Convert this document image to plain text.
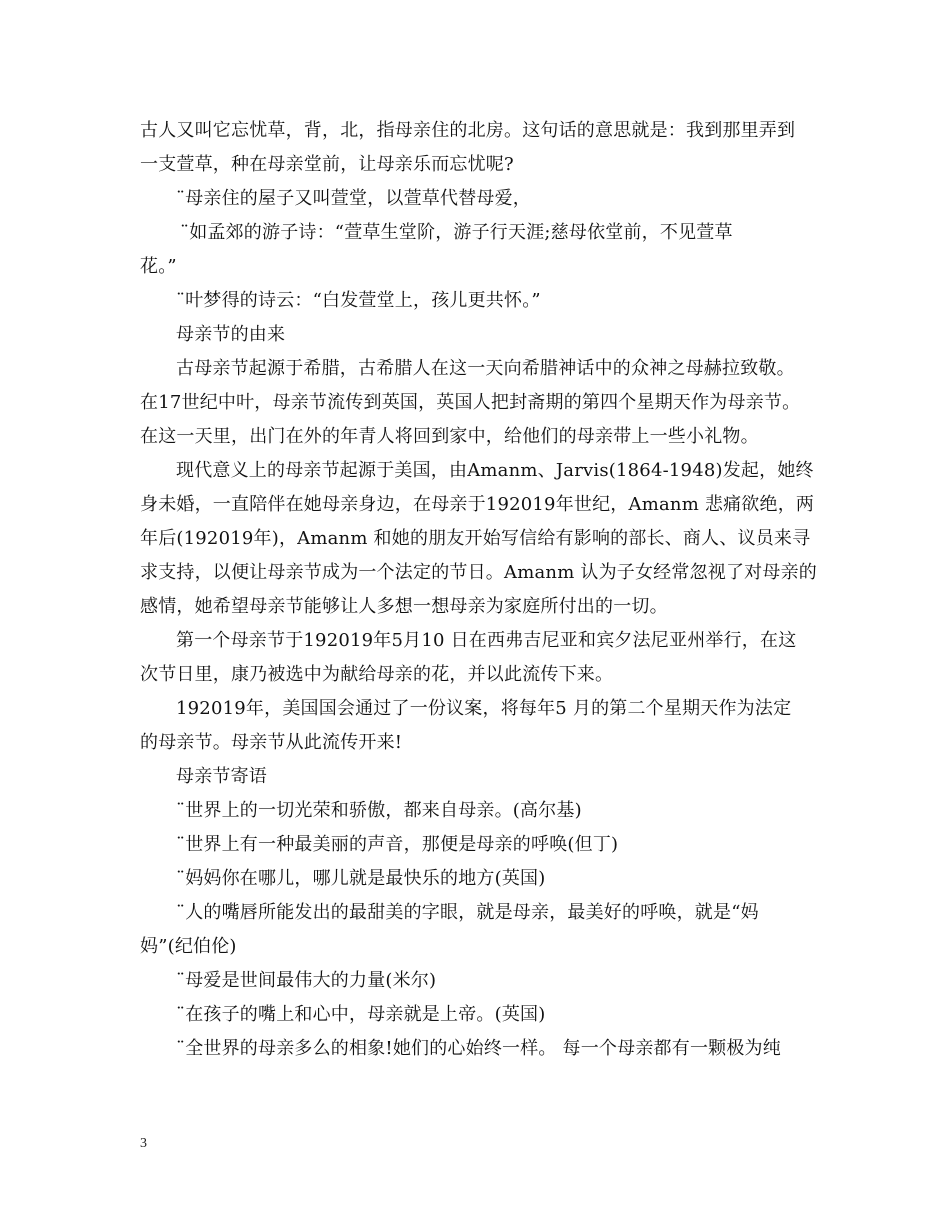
古人又叫它忘忧草，背，北，指母亲住的北房。这句话的意思就是：我到那里弄到
一支萱草，种在母亲堂前，让母亲乐而忘忧呢?
¨母亲住的屋子又叫萱堂，以萱草代替母爱，
¨如孟郊的游子诗：“萱草生堂阶，游子行天涯;慈母依堂前，不见萱草
花。”
¨叶梦得的诗云：“白发萱堂上，孩儿更共怀。”
母亲节的由来
古母亲节起源于希腊，古希腊人在这一天向希腊神话中的众神之母赫拉致敬。
在17世纪中叶，母亲节流传到英国，英国人把封斋期的第四个星期天作为母亲节。
在这一天里，出门在外的年青人将回到家中，给他们的母亲带上一些小礼物。
现代意义上的母亲节起源于美国，由Amanm、Jarvis(1864-1948)发起，她终
身未婚，一直陪伴在她母亲身边，在母亲于192019年世纪，Amanm 悲痛欲绝，两
年后(192019年)，Amanm 和她的朋友开始写信给有影响的部长、商人、议员来寻
求支持，以便让母亲节成为一个法定的节日。Amanm 认为子女经常忽视了对母亲的
感情，她希望母亲节能够让人多想一想母亲为家庭所付出的一切。
第一个母亲节于192019年5月10 日在西弗吉尼亚和宾夕法尼亚州举行，在这
次节日里，康乃被选中为献给母亲的花，并以此流传下来。
192019年，美国国会通过了一份议案，将每年5 月的第二个星期天作为法定
的母亲节。母亲节从此流传开来!
母亲节寄语
¨世界上的一切光荣和骄傲，都来自母亲。(高尔基)
¨世界上有一种最美丽的声音，那便是母亲的呼唤(但丁)
¨妈妈你在哪儿，哪儿就是最快乐的地方(英国)
¨人的嘴唇所能发出的最甜美的字眼，就是母亲，最美好的呼唤，就是“妈
妈”(纪伯伦)
¨母爱是世间最伟大的力量(米尔)
¨在孩子的嘴上和心中，母亲就是上帝。(英国)
¨全世界的母亲多么的相象!她们的心始终一样。 每一个母亲都有一颗极为纯
3
